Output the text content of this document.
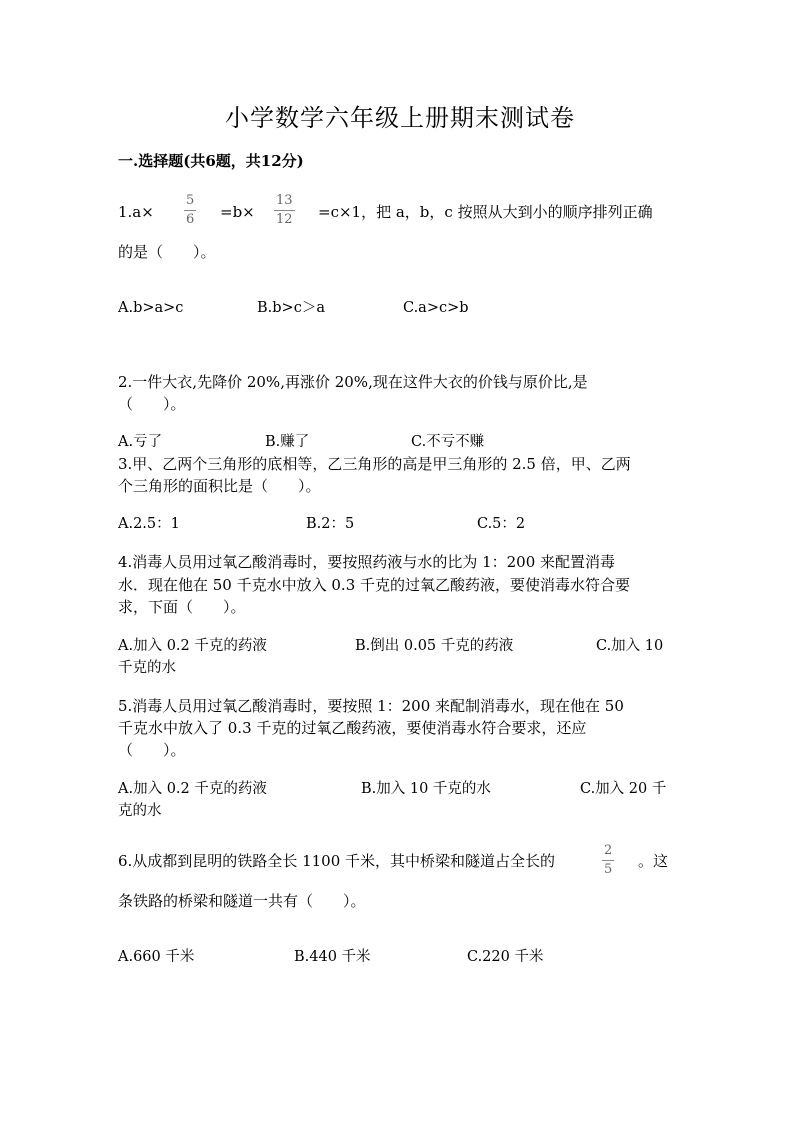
小学数学六年级上册期末测试卷
一.选择题(共6题，共12分)
1.a×
5
6 =b×
13
12 =c×1，把 a，b，c 按照从大到小的顺序排列正确
的是（　　）。
A.b>a>c	B.b>c＞a	C.a>c>b
2.一件大衣,先降价 20%,再涨价 20%,现在这件大衣的价钱与原价比,是
（　　）。
A.亏了	B.赚了	C.不亏不赚
3.甲、乙两个三角形的底相等，乙三角形的高是甲三角形的 2.5 倍，甲、乙两
个三角形的面积比是（　　）。
A.2.5：1	B.2：5	C.5：2
4.消毒人员用过氧乙酸消毒时，要按照药液与水的比为 1：200 来配置消毒
水．现在他在 50 千克水中放入 0.3 千克的过氧乙酸药液，要使消毒水符合要
求，下面（　　）。
A.加入 0.2 千克的药液	B.倒出 0.05 千克的药液	C.加入 10
千克的水
5.消毒人员用过氧乙酸消毒时，要按照 1：200 来配制消毒水，现在他在 50
千克水中放入了 0.3 千克的过氧乙酸药液，要使消毒水符合要求，还应
（　　）。
A.加入 0.2 千克的药液	B.加入 10 千克的水	C.加入 20 千
克的水
6.从成都到昆明的铁路全长 1100 千米，其中桥梁和隧道占全长的
2
5 。这
条铁路的桥梁和隧道一共有（　　）。
A.660 千米	B.440 千米	C.220 千米
